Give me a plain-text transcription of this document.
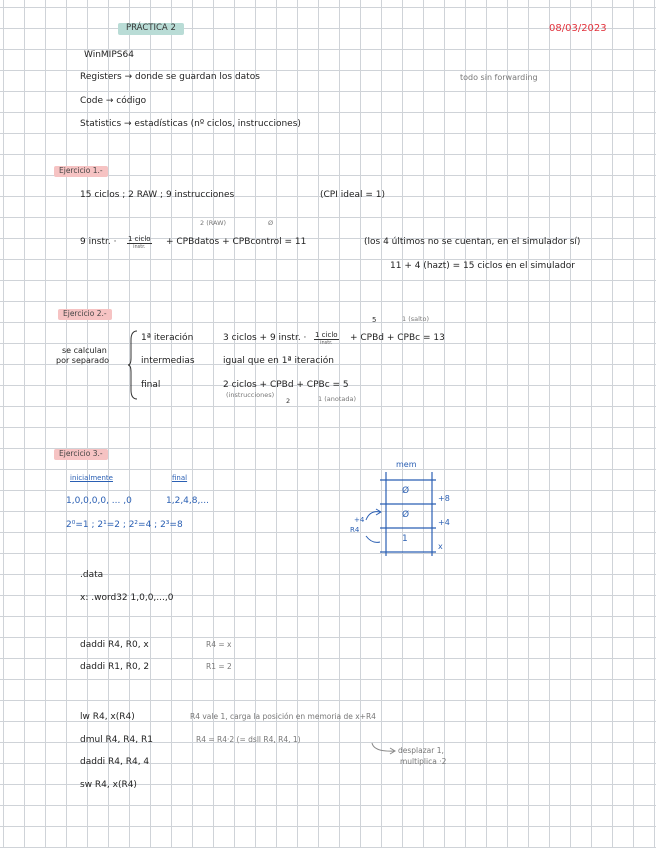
PRÁCTICA 2	08/03/2023
WinMIPS64
Registers → donde se guardan los datos	todo sin forwarding
Code → código
Statistics → estadísticas (nº ciclos, instrucciones)
Ejercicio 1.-
15 ciclos ; 2 RAW ; 9 instrucciones	(CPI ideal = 1)
2 (RAW)	Ø
9 instr. · 1 ciclo
instr.	+ CPBdatos + CPBcontrol = 11	(los 4 últimos no se cuentan, en el simulador sí)
11 + 4 (hazt) = 15 ciclos en el simulador
Ejercicio 2.-
se calculan
por separado
5	1 (salto)
1ª iteración	3 ciclos + 9 instr. · 1 ciclo
instr.	+ CPBd + CPBc = 13
intermedias	igual que en 1ª iteración
final	2 ciclos + CPBd + CPBc = 5
(instrucciones)
2	1 (anotada)
Ejercicio 3.-
inicialmente	final
1,0,0,0,0, ... ,0	1,2,4,8,...
2⁰=1 ; 2¹=2 ; 2²=4 ; 2³=8
mem
Ø
Ø
1
+8
+4
x
+4
R4
.data
x: .word32 1,0,0,...,0
daddi R4, R0, x	R4 = x
daddi R1, R0, 2	R1 = 2
lw R4, x(R4)	R4 vale 1, carga la posición en memoria de x+R4
dmul R4, R4, R1	R4 = R4·2 (= dsll R4, R4, 1)
desplazar 1,
multiplica ·2
daddi R4, R4, 4
sw R4, x(R4)
